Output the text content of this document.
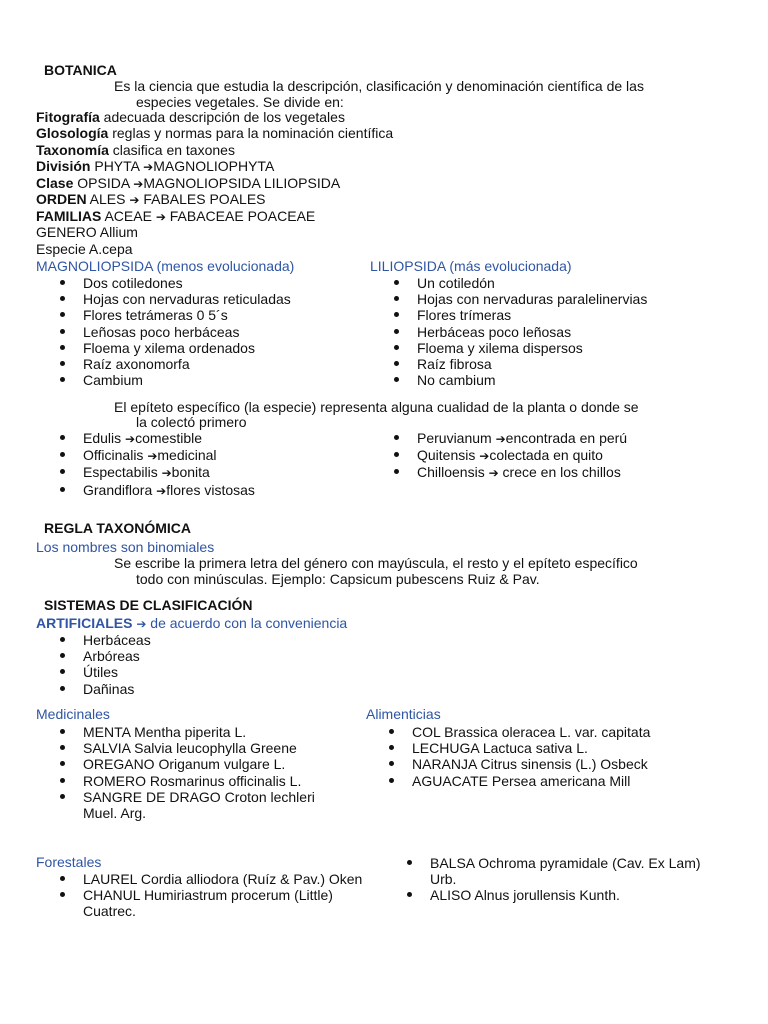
BOTANICA
Es la ciencia que estudia la descripción, clasificación y denominación científica de las
especies vegetales. Se divide en:
Fitografía adecuada descripción de los vegetales
Glosología reglas y normas para la nominación científica
Taxonomía clasifica en taxones
División PHYTA ➔MAGNOLIOPHYTA
Clase OPSIDA ➔MAGNOLIOPSIDA LILIOPSIDA
ORDEN ALES ➔ FABALES POALES
FAMILIAS ACEAE ➔ FABACEAE POACEAE
GENERO Allium
Especie A.cepa
MAGNOLIOPSIDA (menos evolucionada)	LILIOPSIDA (más evolucionada)
Dos cotiledones
Hojas con nervaduras reticuladas
Flores tetrámeras 0 5´s
Leñosas poco herbáceas
Floema y xilema ordenados
Raíz axonomorfa
Cambium
Un cotiledón
Hojas con nervaduras paralelinervias
Flores trímeras
Herbáceas poco leñosas
Floema y xilema dispersos
Raíz fibrosa
No cambium
El epíteto específico (la especie) representa alguna cualidad de la planta o donde se
la colectó primero
Edulis ➔comestible
Officinalis ➔medicinal
Espectabilis ➔bonita
Grandiflora ➔flores vistosas
Peruvianum ➔encontrada en perú
Quitensis ➔colectada en quito
Chilloensis ➔ crece en los chillos
REGLA TAXONÓMICA
Los nombres son binomiales
Se escribe la primera letra del género con mayúscula, el resto y el epíteto específico
todo con minúsculas. Ejemplo: Capsicum pubescens Ruiz & Pav.
SISTEMAS DE CLASIFICACIÓN
ARTIFICIALES ➔ de acuerdo con la conveniencia
Herbáceas
Arbóreas
Útiles
Dañinas
Medicinales	Alimenticias
MENTA Mentha piperita L.
SALVIA Salvia leucophylla Greene
OREGANO Origanum vulgare L.
ROMERO Rosmarinus officinalis L.
SANGRE DE DRAGO Croton lechleri
Muel. Arg.
COL Brassica oleracea L. var. capitata
LECHUGA Lactuca sativa L.
NARANJA Citrus sinensis (L.) Osbeck
AGUACATE Persea americana Mill
Forestales
LAUREL Cordia alliodora (Ruíz & Pav.) Oken
CHANUL Humiriastrum procerum (Little)
Cuatrec.
BALSA Ochroma pyramidale (Cav. Ex Lam)
Urb.
ALISO Alnus jorullensis Kunth.
